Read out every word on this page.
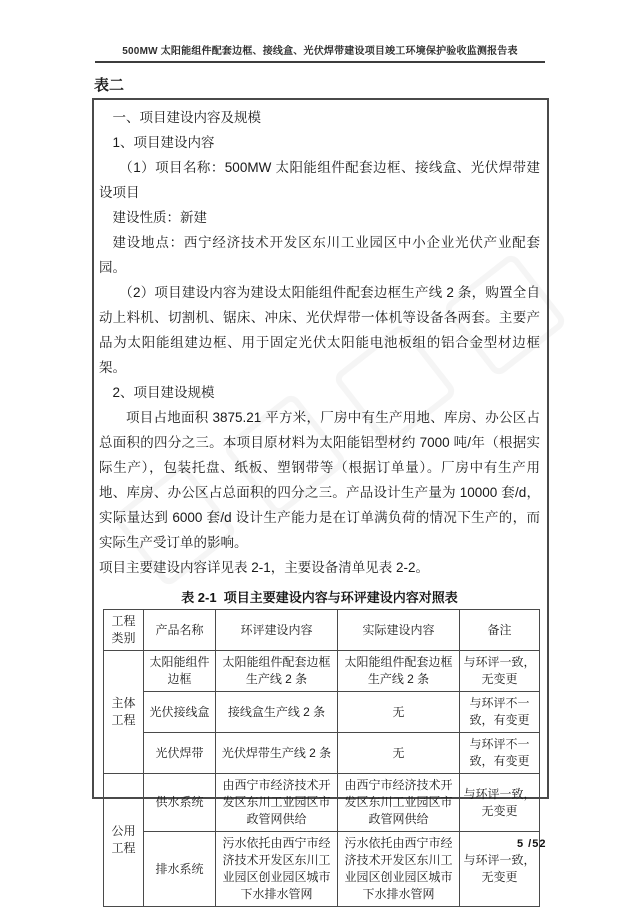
500MW 太阳能组件配套边框、接线盒、光伏焊带建设项目竣工环境保护验收监测报告表
表二

一、项目建设内容及规模

1、项目建设内容

（1）项目名称：500MW 太阳能组件配套边框、接线盒、光伏焊带建设项目

建设性质：新建

建设地点：西宁经济技术开发区东川工业园区中小企业光伏产业配套园。

（2）项目建设内容为建设太阳能组件配套边框生产线 2 条，购置全自动上料机、切割机、锯床、冲床、光伏焊带一体机等设备各两套。主要产品为太阳能组建边框、用于固定光伏太阳能电池板组的铝合金型材边框架。

2、项目建设规模

项目占地面积 3875.21 平方米，厂房中有生产用地、库房、办公区占总面积的四分之三。本项目原材料为太阳能铝型材约 7000 吨/年（根据实际生产），包装托盘、纸板、塑钢带等（根据订单量）。厂房中有生产用地、库房、办公区占总面积的四分之三。产品设计生产量为 10000 套/d，实际量达到 6000 套/d 设计生产能力是在订单满负荷的情况下生产的，而实际生产受订单的影响。

项目主要建设内容详见表 2-1，主要设备清单见表 2-2。

表 2-1  项目主要建设内容与环评建设内容对照表
工程类别	产品名称	环评建设内容	实际建设内容	备注
主体工程	太阳能组件边框	太阳能组件配套边框生产线 2 条	太阳能组件配套边框生产线 2 条	与环评一致，无变更
	光伏接线盒	接线盒生产线 2 条	无	与环评不一致，有变更
	光伏焊带	光伏焊带生产线 2 条	无	与环评不一致，有变更
公用工程	供水系统	由西宁市经济技术开发区东川工业园区市政管网供给	由西宁市经济技术开发区东川工业园区市政管网供给	与环评一致，无变更
	排水系统	污水依托由西宁市经济技术开发区东川工业园区创业园区城市下水排水管网	污水依托由西宁市经济技术开发区东川工业园区创业园区城市下水排水管网	与环评一致，无变更
5 /52
